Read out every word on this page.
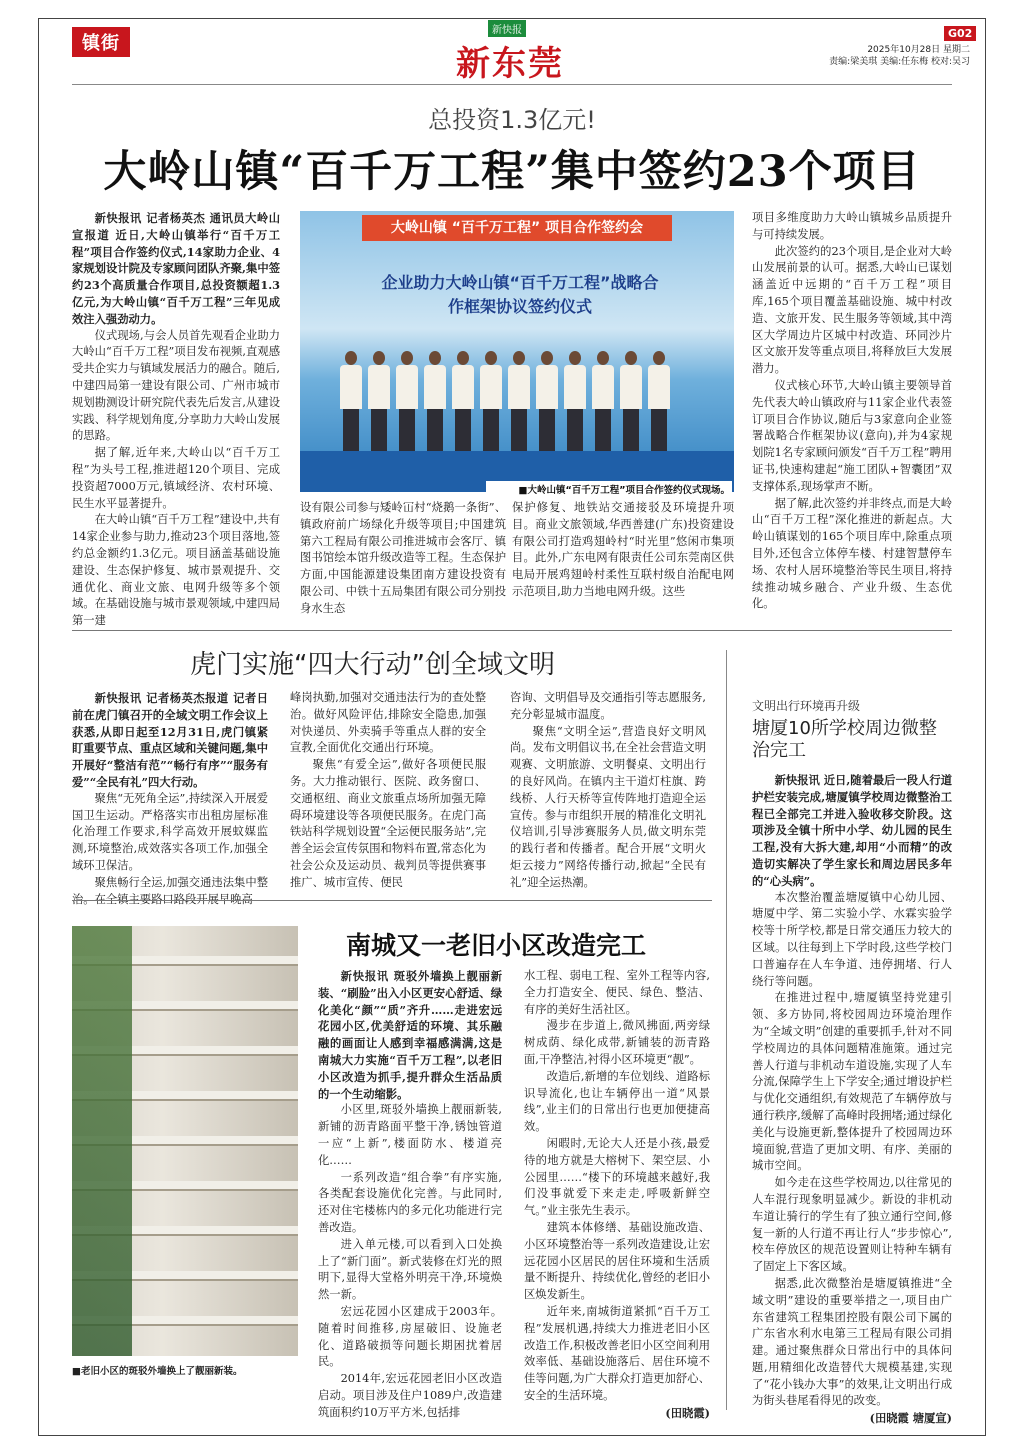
镇街
新快报
新东莞
G02
2025年10月28日 星期二
责编:梁美琪 美编:任东梅 校对:吴习
总投资1.3亿元!
大岭山镇“百千万工程”集中签约23个项目

新快报讯 记者杨英杰 通讯员大岭山宣报道 近日,大岭山镇举行“百千万工程”项目合作签约仪式,14家助力企业、4家规划设计院及专家顾问团队齐聚,集中签约23个高质量合作项目,总投资额超1.3亿元,为大岭山镇“百千万工程”三年见成效注入强劲动力。

仪式现场,与会人员首先观看企业助力大岭山“百千万工程”项目发布视频,直观感受共企实力与镇域发展活力的融合。随后,中建四局第一建设有限公司、广州市城市规划勘测设计研究院代表先后发言,从建设实践、科学规划角度,分享助力大岭山发展的思路。

据了解,近年来,大岭山以“百千万工程”为头号工程,推进超120个项目、完成投资超7000万元,镇域经济、农村环境、民生水平显著提升。

在大岭山镇“百千万工程”建设中,共有14家企业参与助力,推动23个项目落地,签约总金额约1.3亿元。项目涵盖基础设施建设、生态保护修复、城市景观提升、交通优化、商业文旅、电网升级等多个领域。在基础设施与城市景观领域,中建四局第一建

大岭山镇 “百千万工程” 项目合作签约会
企业助力大岭山镇“百千万工程”战略合作框架协议签约仪式
■大岭山镇“百千万工程”项目合作签约仪式现场。

设有限公司参与矮岭冚村“烧鹅一条街”、镇政府前广场绿化升级等项目;中国建筑第六工程局有限公司推进城市会客厅、镇图书馆绘本馆升级改造等工程。生态保护方面,中国能源建设集团南方建设投资有限公司、中铁十五局集团有限公司分别投身水生态

保护修复、地铁站交通接驳及环境提升项目。商业文旅领域,华西善建(广东)投资建设有限公司打造鸡翅岭村“时光里”悠闲市集项目。此外,广东电网有限责任公司东莞南区供电局开展鸡翅岭村柔性互联村级自治配电网示范项目,助力当地电网升级。这些

项目多维度助力大岭山镇城乡品质提升与可持续发展。

此次签约的23个项目,是企业对大岭山发展前景的认可。据悉,大岭山已谋划涵盖近中远期的“百千万工程”项目库,165个项目覆盖基础设施、城中村改造、文旅开发、民生服务等领域,其中湾区大学周边片区城中村改造、环同沙片区文旅开发等重点项目,将释放巨大发展潜力。

仪式核心环节,大岭山镇主要领导首先代表大岭山镇政府与11家企业代表签订项目合作协议,随后与3家意向企业签署战略合作框架协议(意向),并为4家规划院1名专家顾问颁发“百千万工程”聘用证书,快速构建起“施工团队+智囊团”双支撑体系,现场掌声不断。

据了解,此次签约并非终点,而是大岭山“百千万工程”深化推进的新起点。大岭山镇谋划的165个项目库中,除重点项目外,还包含立体停车楼、村建智慧停车场、农村人居环境整治等民生项目,将持续推动城乡融合、产业升级、生态优化。

虎门实施“四大行动”创全域文明

新快报讯 记者杨英杰报道 记者日前在虎门镇召开的全域文明工作会议上获悉,从即日起至12月31日,虎门镇紧盯重要节点、重点区域和关键问题,集中开展好“整洁有范”“畅行有序”“服务有爱”“全民有礼”四大行动。

聚焦“无死角全运”,持续深入开展爱国卫生运动。严格落实市出租房屋标准化治理工作要求,科学高效开展蚊媒监测,环境整治,成效落实各项工作,加强全域环卫保洁。

聚焦畅行全运,加强交通违法集中整

峰岗执勤,加强对交通违法行为的查处整治。做好风险评估,排除安全隐患,加强对快递员、外卖骑手等重点人群的安全宣教,全面优化交通出行环境。

聚焦“有爱全运”,做好各项便民服务。大力推动银行、医院、政务窗口、交通枢纽、商业文旅重点场所加强无障碍环境建设等各项便民服务。在虎门高铁站科学规划设置“全运便民服务站”,完善全运会宣传氛围和物料布置,常态化为社会公众及运动员、裁判员等提供赛事推广、城市宣传、便民

咨询、文明倡导及交通指引等志愿服务,充分彰显城市温度。

聚焦“文明全运”,营造良好文明风尚。发布文明倡议书,在全社会营造文明观赛、文明旅游、文明餐桌、文明出行的良好风尚。在镇内主干道灯柱旗、跨线桥、人行天桥等宣传阵地打造迎全运宣传。参与市组织开展的精准化文明礼仪培训,引导涉赛服务人员,做文明东莞的践行者和传播者。配合开展“文明火炬云接力”网络传播行动,掀起“全民有礼”迎全运热潮。

文明出行环境再升级
塘厦10所学校周边微整治完工

新快报讯 近日,随着最后一段人行道护栏安装完成,塘厦镇学校周边微整治工程已全部完工并进入验收移交阶段。这项涉及全镇十所中小学、幼儿园的民生工程,没有大拆大建,却用“小而精”的改造切实解决了学生家长和周边居民多年的“心头病”。

本次整治覆盖塘厦镇中心幼儿园、塘厦中学、第二实验小学、水霖实验学校等十所学校,都是日常交通压力较大的区域。以往每到上下学时段,这些学校门口普遍存在人车争道、违停拥堵、行人绕行等问题。

在推进过程中,塘厦镇坚持党建引领、多方协同,将校园周边环境治理作为“全域文明”创建的重要抓手,针对不同学校周边的具体问题精准施策。通过完善人行道与非机动车道设施,实现了人车分流,保障学生上下学安全;通过增设护栏与优化交通组织,有效规范了车辆停放与通行秩序,缓解了高峰时段拥堵;通过绿化美化与设施更新,整体提升了校园周边环境面貌,营造了更加文明、有序、美丽的城市空间。

如今走在这些学校周边,以往常见的人车混行现象明显减少。新设的非机动车道让骑行的学生有了独立通行空间,修复一新的人行道不再让行人“步步惊心”,校车停放区的规范设置则让特种车辆有了固定上下客区域。

据悉,此次微整治是塘厦镇推进“全域文明”建设的重要举措之一,项目由广东省建筑工程集团控股有限公司下属的广东省水利水电第三工程局有限公司捐建。通过聚焦群众日常出行中的具体问题,用精细化改造替代大规模基建,实现了“花小钱办大事”的效果,让文明出行成为街头巷尾看得见的改变。

(田晓霞 塘厦宣)

■老旧小区的斑驳外墙换上了靓丽新装。
南城又一老旧小区改造完工

新快报讯 斑驳外墙换上靓丽新装、“刷脸”出入小区更安心舒适、绿化美化“颜”“质”齐升……走进宏远花园小区,优美舒适的环境、其乐融融的画面让人感到幸福感满满,这是南城大力实施“百千万工程”,以老旧小区改造为抓手,提升群众生活品质的一个生动缩影。

小区里,斑驳外墙换上靓丽新装,新铺的沥青路面平整干净,锈蚀管道一应“上新”,楼面防水、楼道亮化……

一系列改造“组合拳”有序实施,各类配套设施优化完善。与此同时,还对住宅楼栋内的多元化功能进行完善改造。

进入单元楼,可以看到入口处换上了“新门面”。新式装修在灯光的照明下,显得大堂格外明亮干净,环境焕然一新。

宏远花园小区建成于2003年。随着时间推移,房屋破旧、设施老化、道路破损等问题长期困扰着居民。

2014年,宏远花园老旧小区改造启动。项目涉及住户1089户,改造建筑面积约10万平方米,包括排

水工程、弱电工程、室外工程等内容,全力打造安全、便民、绿色、整洁、有序的美好生活社区。

漫步在步道上,微风拂面,两旁绿树成荫、绿化成带,新铺装的沥青路面,干净整洁,衬得小区环境更“靓”。

改造后,新增的车位划线、道路标识导流化,也让车辆停出一道“风景线”,业主们的日常出行也更加便捷高效。

闲暇时,无论大人还是小孩,最爱待的地方就是大榕树下、架空层、小公园里……“楼下的环境越来越好,我们没事就爱下来走走,呼吸新鲜空气。”业主张先生表示。

建筑本体修缮、基础设施改造、小区环境整治等一系列改造建设,让宏远花园小区居民的居住环境和生活质量不断提升、持续优化,曾经的老旧小区焕发新生。

近年来,南城街道紧抓“百千万工程”发展机遇,持续大力推进老旧小区改造工作,积极改善老旧小区空间利用效率低、基础设施落后、居住环境不佳等问题,为广大群众打造更加舒心、安全的生活环境。

(田晓霞)
